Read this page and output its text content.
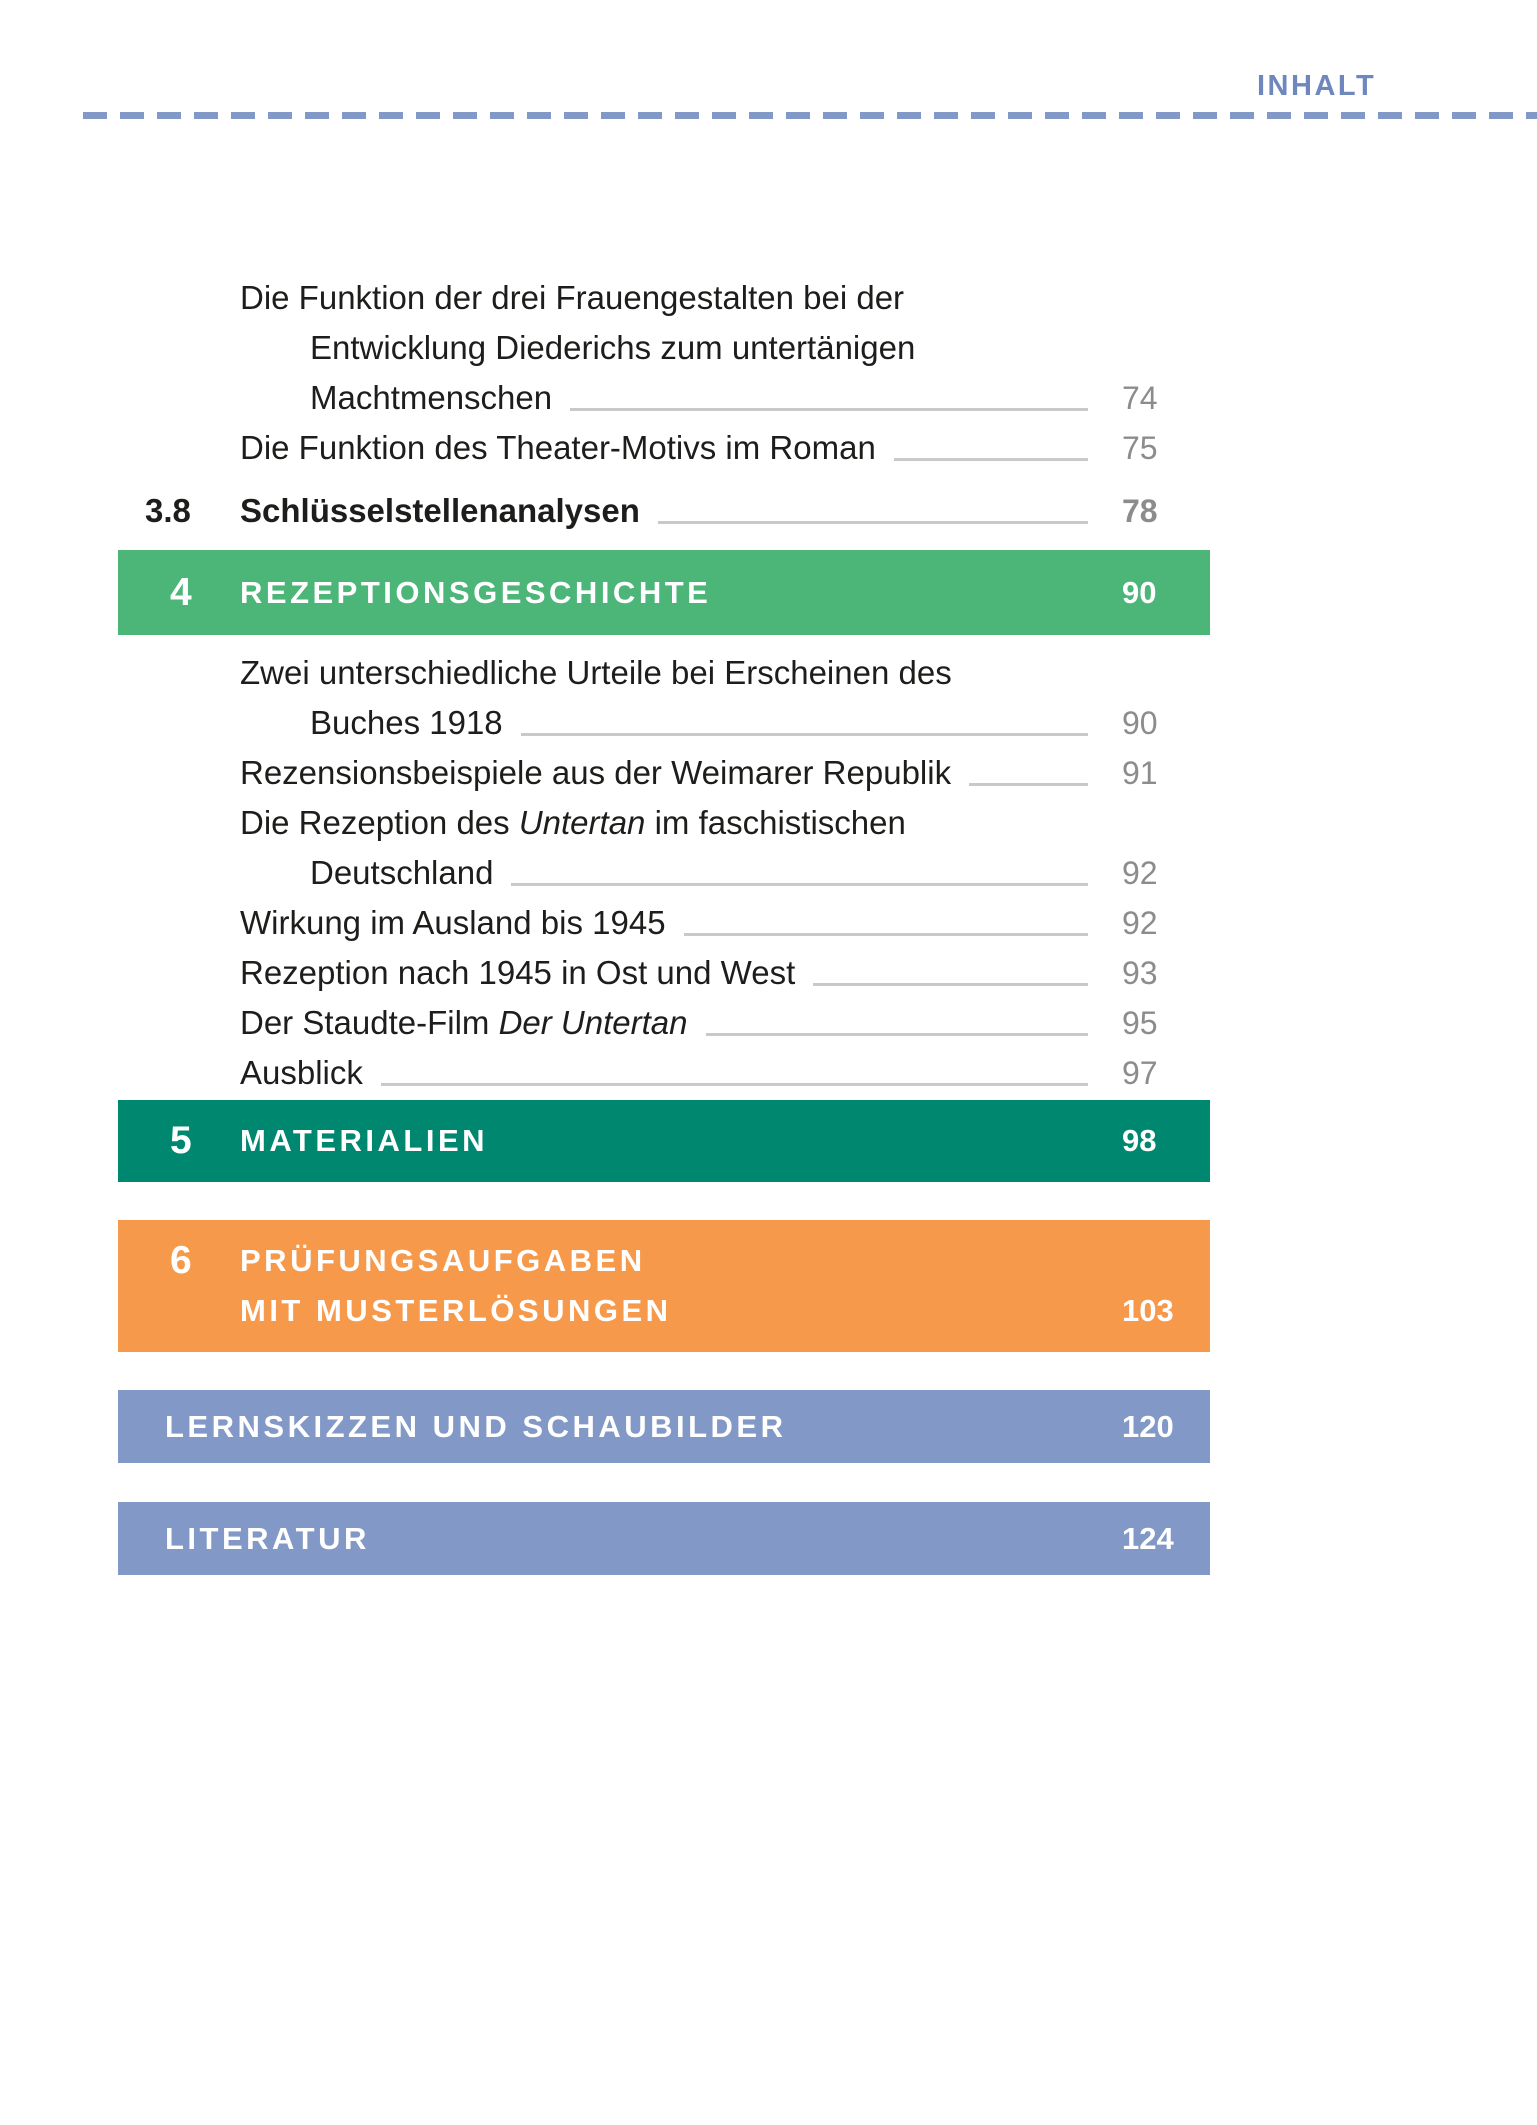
INHALT
Die Funktion der drei Frauengestalten bei der
Entwicklung Diederichs zum untertänigen
Machtmenschen	74
Die Funktion des Theater-Motivs im Roman	75
3.8	Schlüsselstellenanalysen	78
4	REZEPTIONSGESCHICHTE	90
Zwei unterschiedliche Urteile bei Erscheinen des
Buches 1918	90
Rezensionsbeispiele aus der Weimarer Republik	91
Die Rezeption des Untertan im faschistischen
Deutschland	92
Wirkung im Ausland bis 1945	92
Rezeption nach 1945 in Ost und West	93
Der Staudte-Film Der Untertan	95
Ausblick	97
5	MATERIALIEN	98
6	PRÜFUNGSAUFGABEN
MIT MUSTERLÖSUNGEN	103
LERNSKIZZEN UND SCHAUBILDER	120
LITERATUR	124
